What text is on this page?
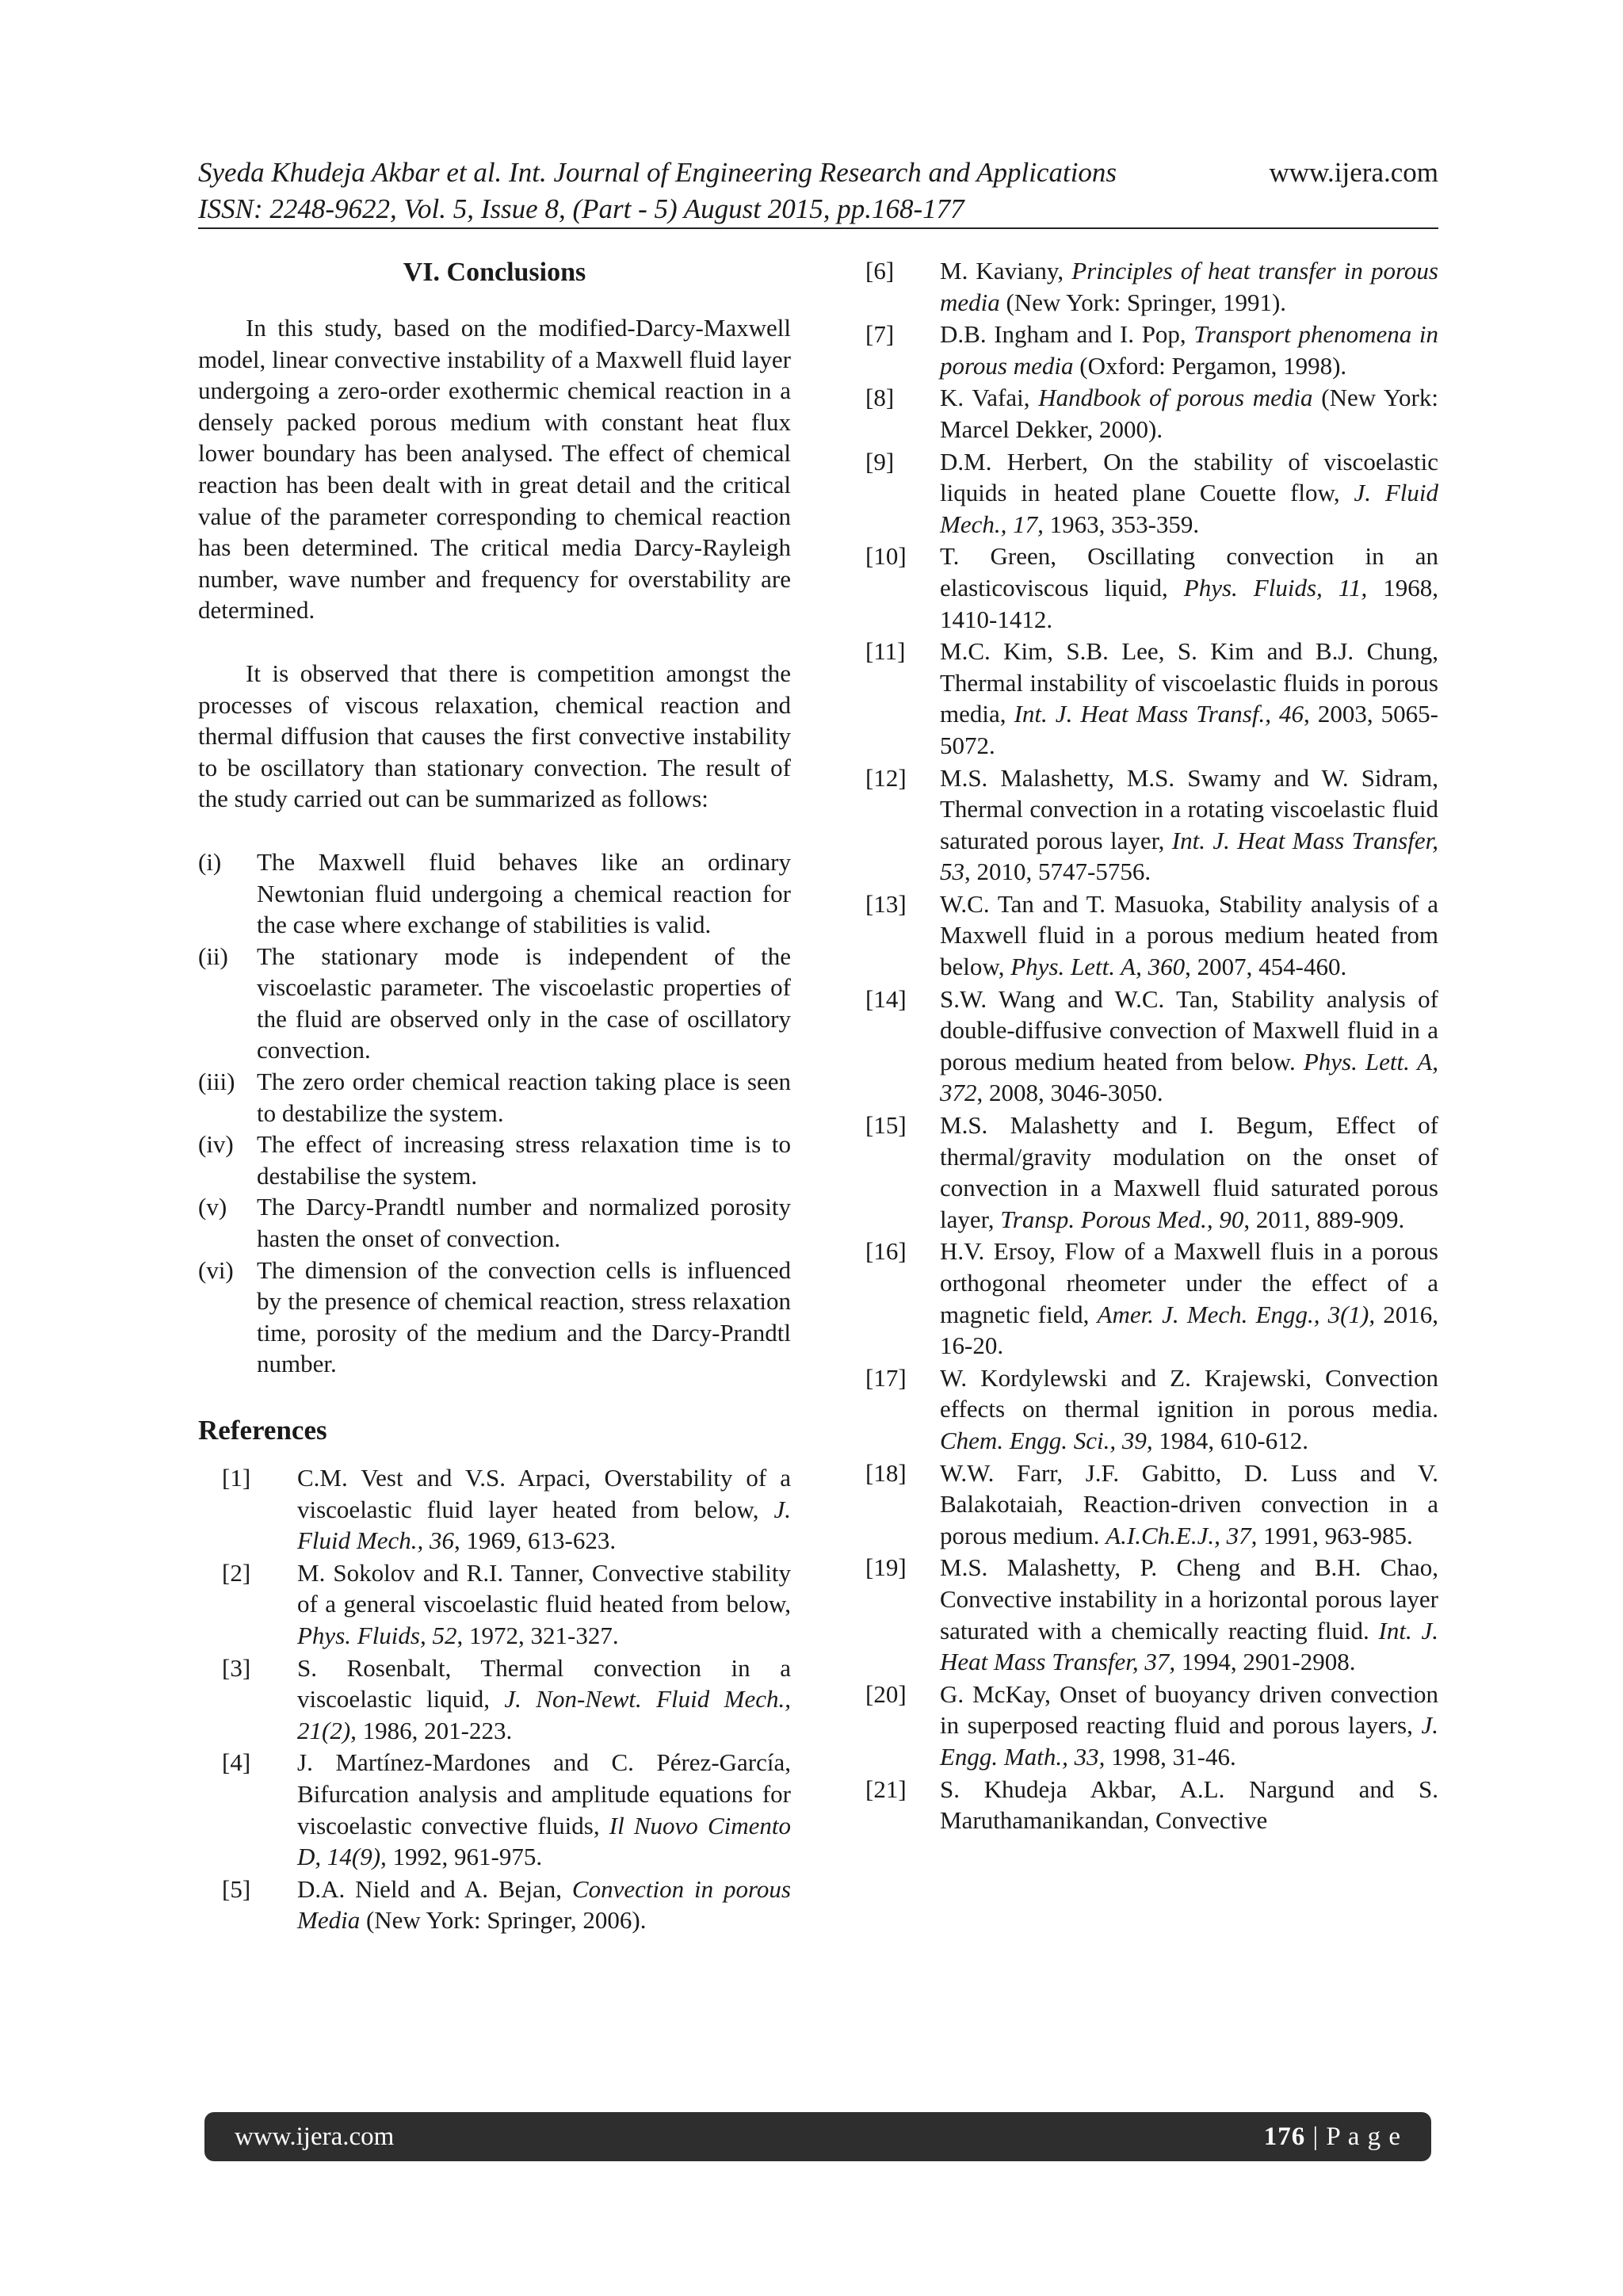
Syeda Khudeja Akbar et al. Int. Journal of Engineering Research and Applications	www.ijera.com
ISSN: 2248-9622, Vol. 5, Issue 8, (Part - 5) August 2015, pp.168-177
VI. Conclusions

In this study, based on the modified-Darcy-Maxwell model, linear convective instability of a Maxwell fluid layer undergoing a zero-order exothermic chemical reaction in a densely packed porous medium with constant heat flux lower boundary has been analysed. The effect of chemical reaction has been dealt with in great detail and the critical value of the parameter corresponding to chemical reaction has been determined. The critical media Darcy-Rayleigh number, wave number and frequency for overstability are determined.

It is observed that there is competition amongst the processes of viscous relaxation, chemical reaction and thermal diffusion that causes the first convective instability to be oscillatory than stationary convection. The result of the study carried out can be summarized as follows:

(i)	The Maxwell fluid behaves like an ordinary Newtonian fluid undergoing a chemical reaction for the case where exchange of stabilities is valid.
(ii)	The stationary mode is independent of the viscoelastic parameter. The viscoelastic properties of the fluid are observed only in the case of oscillatory convection.
(iii) The zero order chemical reaction taking place is seen to destabilize the system.
(iv) The effect of increasing stress relaxation time is to destabilise the system.
(v)	The Darcy-Prandtl number and normalized porosity hasten the onset of convection.
(vi) The dimension of the convection cells is influenced by the presence of chemical reaction, stress relaxation time, porosity of the medium and the Darcy-Prandtl number.
References
[1]	C.M. Vest and V.S. Arpaci, Overstability of a viscoelastic fluid layer heated from below, J. Fluid Mech., 36, 1969, 613-623.
[2]	M. Sokolov and R.I. Tanner, Convective stability of a general viscoelastic fluid heated from below, Phys. Fluids, 52, 1972, 321-327.
[3]	S. Rosenbalt, Thermal convection in a viscoelastic liquid, J. Non-Newt. Fluid Mech., 21(2), 1986, 201-223.
[4]	J. Martínez-Mardones and C. Pérez-García, Bifurcation analysis and amplitude equations for viscoelastic convective fluids, Il Nuovo Cimento D, 14(9), 1992, 961-975.
[5]	D.A. Nield and A. Bejan, Convection in porous Media (New York: Springer, 2006).
[6]	M. Kaviany, Principles of heat transfer in porous media (New York: Springer, 1991).
[7]	D.B. Ingham and I. Pop, Transport phenomena in porous media (Oxford: Pergamon, 1998).
[8]	K. Vafai, Handbook of porous media (New York: Marcel Dekker, 2000).
[9]	D.M. Herbert, On the stability of viscoelastic liquids in heated plane Couette flow, J. Fluid Mech., 17, 1963, 353-359.
[10]	T. Green, Oscillating convection in an elasticoviscous liquid, Phys. Fluids, 11, 1968, 1410-1412.
[11]	M.C. Kim, S.B. Lee, S. Kim and B.J. Chung, Thermal instability of viscoelastic fluids in porous media, Int. J. Heat Mass Transf., 46, 2003, 5065-5072.
[12]	M.S. Malashetty, M.S. Swamy and W. Sidram, Thermal convection in a rotating viscoelastic fluid saturated porous layer, Int. J. Heat Mass Transfer, 53, 2010, 5747-5756.
[13]	W.C. Tan and T. Masuoka, Stability analysis of a Maxwell fluid in a porous medium heated from below, Phys. Lett. A, 360, 2007, 454-460.
[14]	S.W. Wang and W.C. Tan, Stability analysis of double-diffusive convection of Maxwell fluid in a porous medium heated from below. Phys. Lett. A, 372, 2008, 3046-3050.
[15]	M.S. Malashetty and I. Begum, Effect of thermal/gravity modulation on the onset of convection in a Maxwell fluid saturated porous layer, Transp. Porous Med., 90, 2011, 889-909.
[16]	H.V. Ersoy, Flow of a Maxwell fluis in a porous orthogonal rheometer under the effect of a magnetic field, Amer. J. Mech. Engg., 3(1), 2016, 16-20.
[17]	W. Kordylewski and Z. Krajewski, Convection effects on thermal ignition in porous media. Chem. Engg. Sci., 39, 1984, 610-612.
[18]	W.W. Farr, J.F. Gabitto, D. Luss and V. Balakotaiah, Reaction-driven convection in a porous medium. A.I.Ch.E.J., 37, 1991, 963-985.
[19]	M.S. Malashetty, P. Cheng and B.H. Chao, Convective instability in a horizontal porous layer saturated with a chemically reacting fluid. Int. J. Heat Mass Transfer, 37, 1994, 2901-2908.
[20]	G. McKay, Onset of buoyancy driven convection in superposed reacting fluid and porous layers, J. Engg. Math., 33, 1998, 31-46.
[21]	S. Khudeja Akbar, A.L. Nargund and S. Maruthamanikandan, Convective
www.ijera.com	176 | P a g e
